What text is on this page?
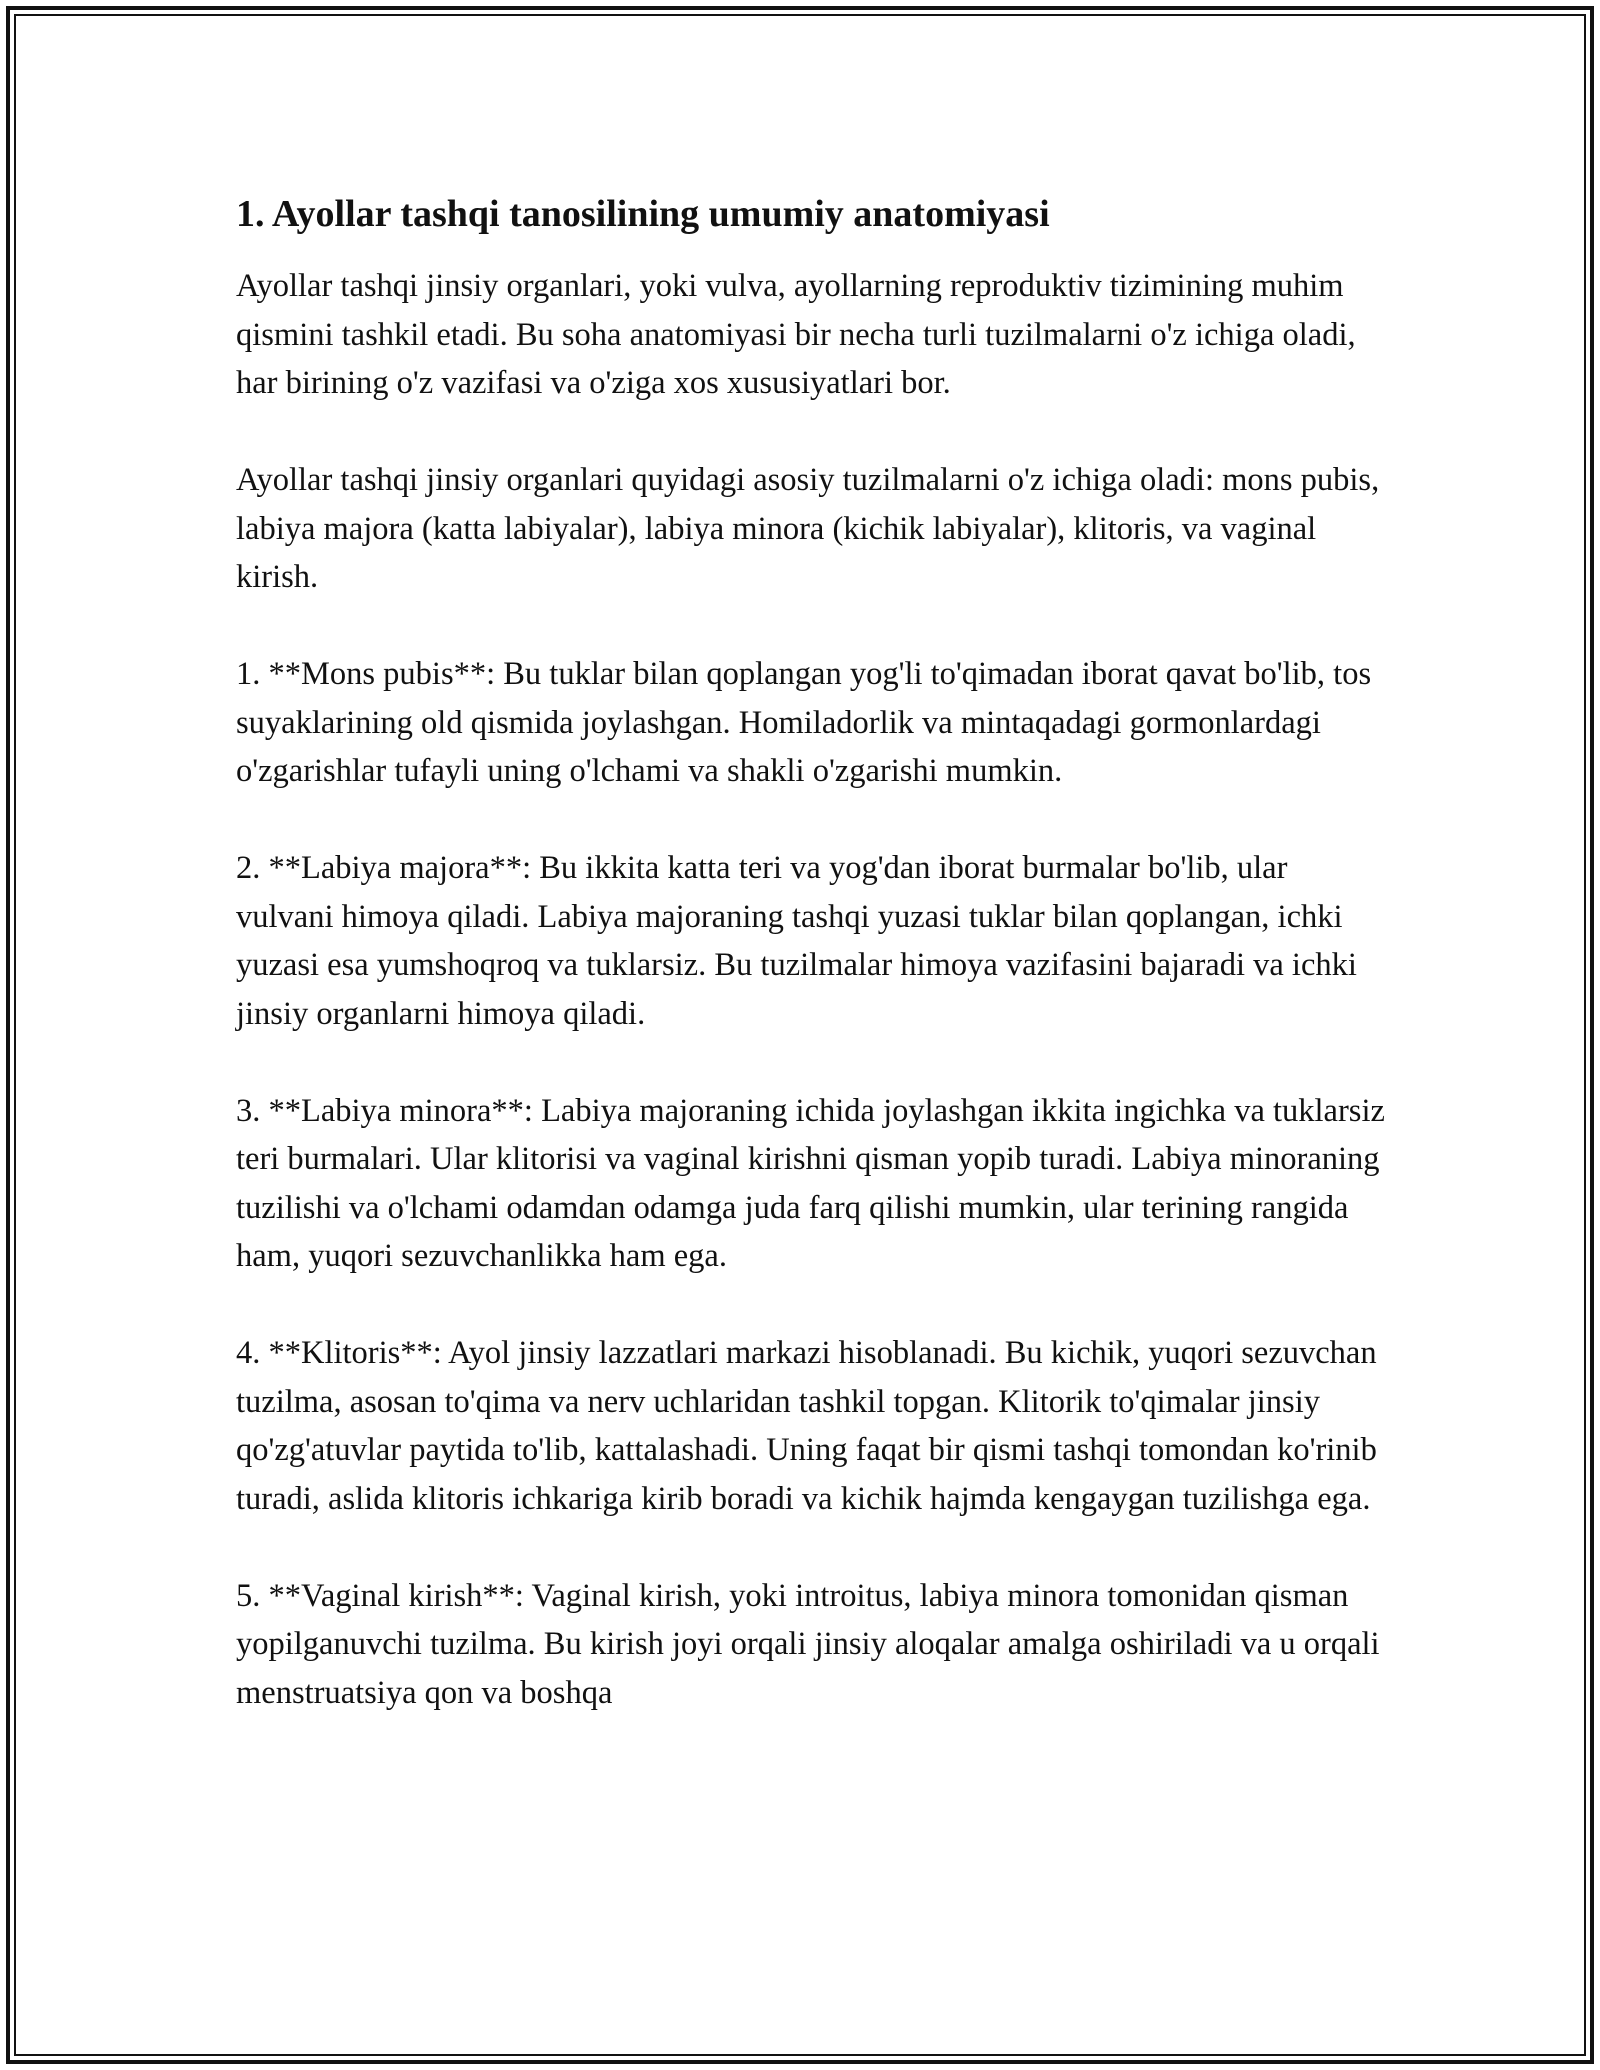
1. Ayollar tashqi tanosilining umumiy anatomiyasi

Ayollar tashqi jinsiy organlari, yoki vulva, ayollarning reproduktiv tizimining muhim qismini tashkil etadi. Bu soha anatomiyasi bir necha turli tuzilmalarni o'z ichiga oladi, har birining o'z vazifasi va o'ziga xos xususiyatlari bor.

Ayollar tashqi jinsiy organlari quyidagi asosiy tuzilmalarni o'z ichiga oladi: mons pubis, labiya majora (katta labiyalar), labiya minora (kichik labiyalar), klitoris, va vaginal kirish.

1. **Mons pubis**: Bu tuklar bilan qoplangan yog'li to'qimadan iborat qavat bo'lib, tos suyaklarining old qismida joylashgan. Homiladorlik va mintaqadagi gormonlardagi o'zgarishlar tufayli uning o'lchami va shakli o'zgarishi mumkin.

2. **Labiya majora**: Bu ikkita katta teri va yog'dan iborat burmalar bo'lib, ular vulvani himoya qiladi. Labiya majoraning tashqi yuzasi tuklar bilan qoplangan, ichki yuzasi esa yumshoqroq va tuklarsiz. Bu tuzilmalar himoya vazifasini bajaradi va ichki jinsiy organlarni himoya qiladi.

3. **Labiya minora**: Labiya majoraning ichida joylashgan ikkita ingichka va tuklarsiz teri burmalari. Ular klitorisi va vaginal kirishni qisman yopib turadi. Labiya minoraning tuzilishi va o'lchami odamdan odamga juda farq qilishi mumkin, ular terining rangida ham, yuqori sezuvchanlikka ham ega.

4. **Klitoris**: Ayol jinsiy lazzatlari markazi hisoblanadi. Bu kichik, yuqori sezuvchan tuzilma, asosan to'qima va nerv uchlaridan tashkil topgan. Klitorik to'qimalar jinsiy qo'zg'atuvlar paytida to'lib, kattalashadi. Uning faqat bir qismi tashqi tomondan ko'rinib turadi, aslida klitoris ichkariga kirib boradi va kichik hajmda kengaygan tuzilishga ega.

5. **Vaginal kirish**: Vaginal kirish, yoki introitus, labiya minora tomonidan qisman yopilganuvchi tuzilma. Bu kirish joyi orqali jinsiy aloqalar amalga oshiriladi va u orqali menstruatsiya qon va boshqa
